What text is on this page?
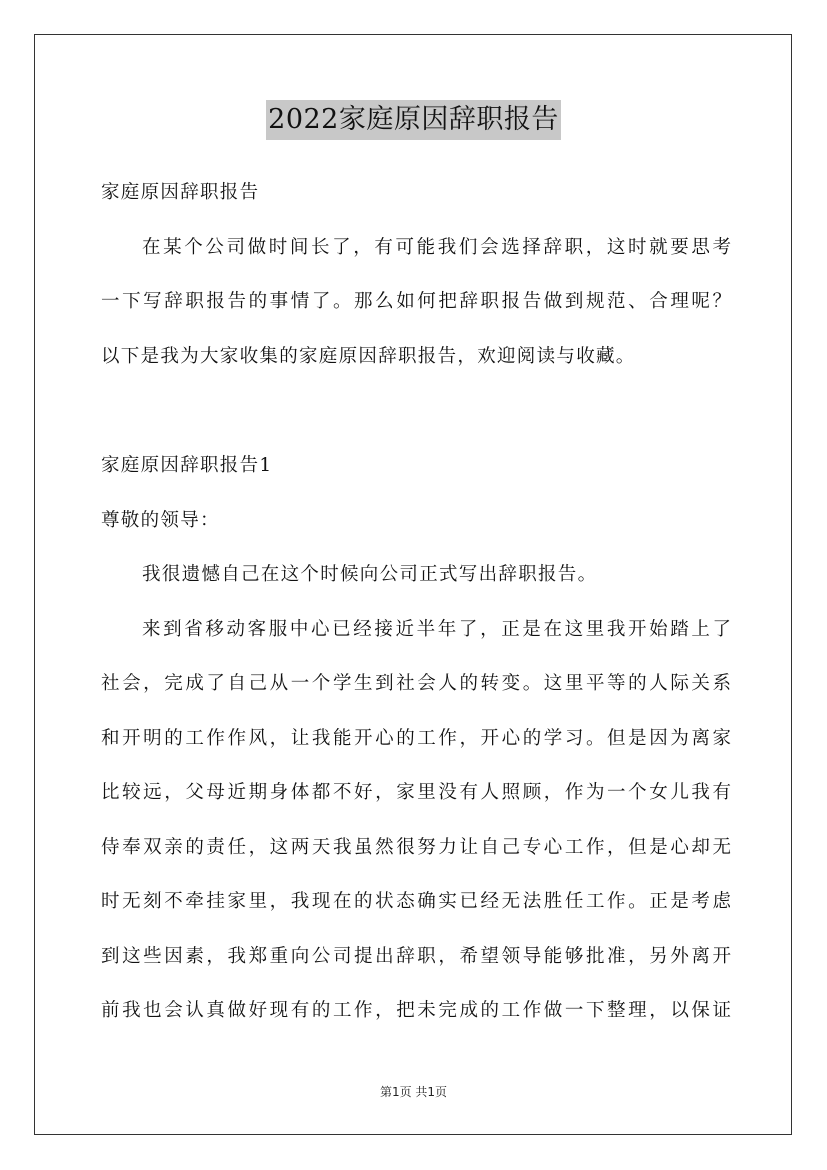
2022家庭原因辞职报告
家庭原因辞职报告
在某个公司做时间长了，有可能我们会选择辞职，这时就要思考
一下写辞职报告的事情了。那么如何把辞职报告做到规范、合理呢？
以下是我为大家收集的家庭原因辞职报告，欢迎阅读与收藏。
家庭原因辞职报告1
尊敬的领导：
我很遗憾自己在这个时候向公司正式写出辞职报告。
来到省移动客服中心已经接近半年了，正是在这里我开始踏上了
社会，完成了自己从一个学生到社会人的转变。这里平等的人际关系
和开明的工作作风，让我能开心的工作，开心的学习。但是因为离家
比较远，父母近期身体都不好，家里没有人照顾，作为一个女儿我有
侍奉双亲的责任，这两天我虽然很努力让自己专心工作，但是心却无
时无刻不牵挂家里，我现在的状态确实已经无法胜任工作。正是考虑
到这些因素，我郑重向公司提出辞职，希望领导能够批准，另外离开
前我也会认真做好现有的工作，把未完成的工作做一下整理，以保证
第1页 共1页
